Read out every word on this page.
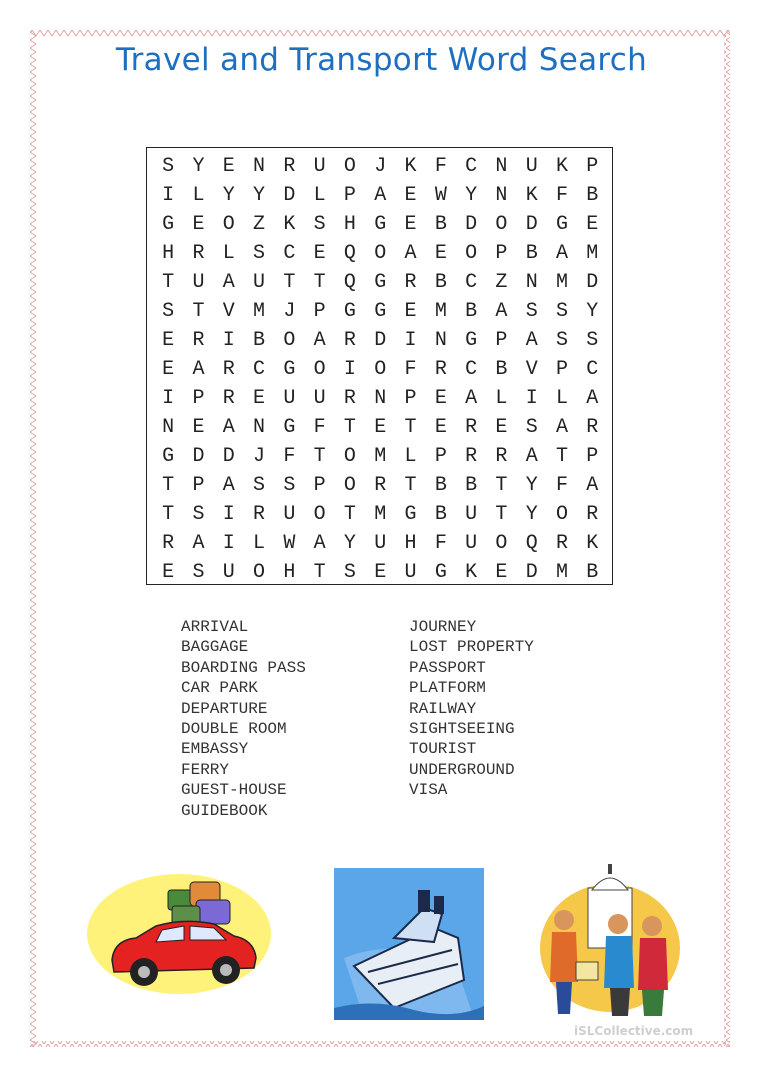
Travel and Transport Word Search
S Y E N R U O J K F C N U K P
I L Y Y D L P A E W Y N K F B
G E O Z K S H G E B D O D G E
H R L S C E Q O A E O P B A M
T U A U T T Q G R B C Z N M D
S T V M J P G G E M B A S S Y
E R I B O A R D I N G P A S S
E A R C G O I O F R C B V P C
I P R E U U R N P E A L I L A
N E A N G F T E T E R E S A R
G D D J F T O M L P R R A T P
T P A S S P O R T B B T Y F A
T S I R U O T M G B U T Y O R
R A I L W A Y U H F U O Q R K
E S U O H T S E U G K E D M B
ARRIVAL
BAGGAGE
BOARDING PASS
CAR PARK
DEPARTURE
DOUBLE ROOM
EMBASSY
FERRY
GUEST-HOUSE
GUIDEBOOK
JOURNEY
LOST PROPERTY
PASSPORT
PLATFORM
RAILWAY
SIGHTSEEING
TOURIST
UNDERGROUND
VISA
iSLCollective.com
